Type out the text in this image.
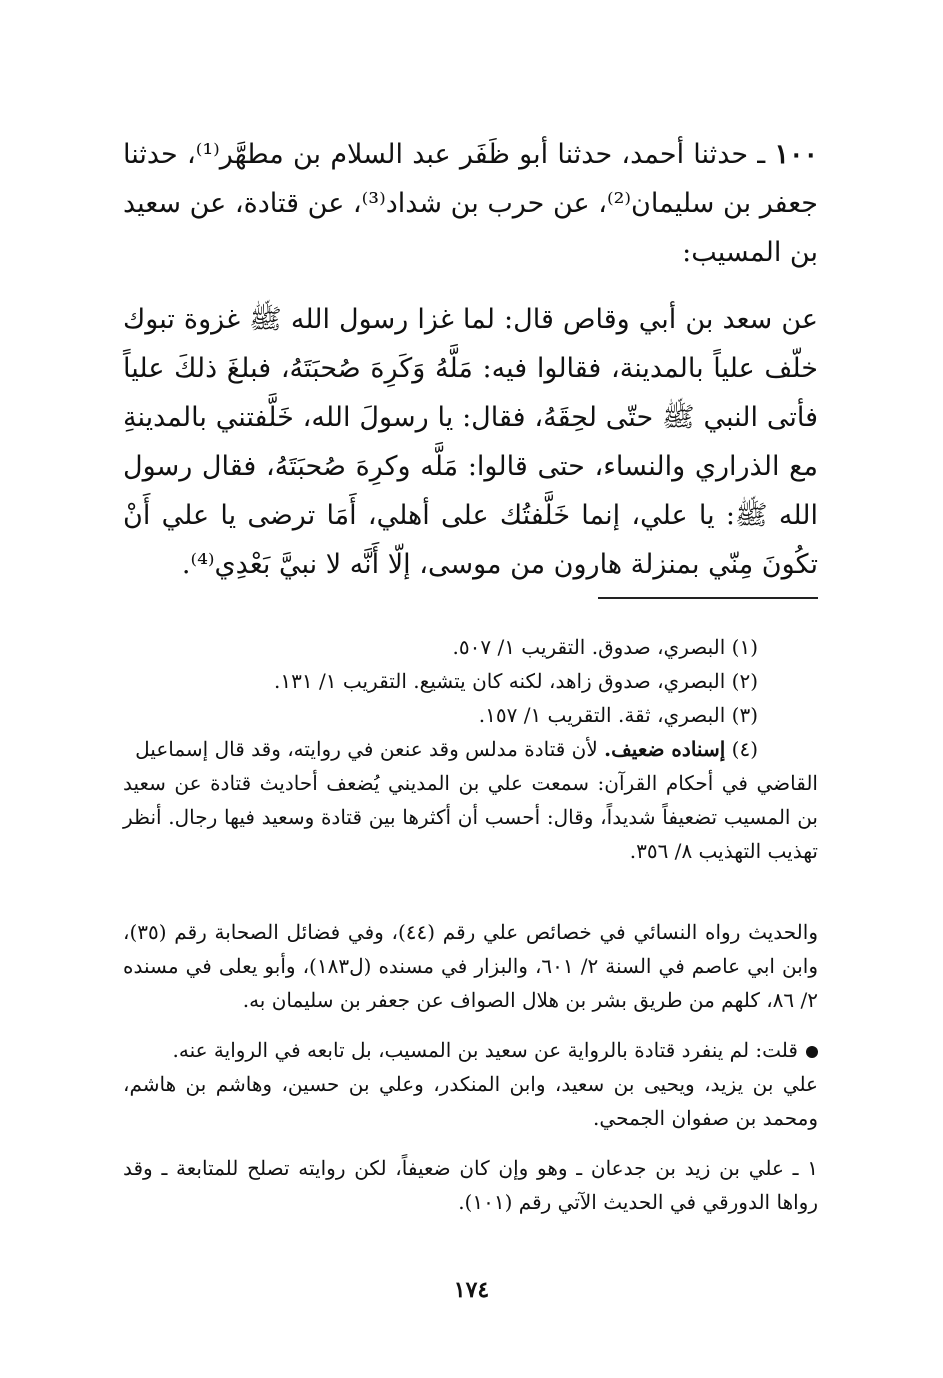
١٠٠ ـ حدثنا أحمد، حدثنا أبو ظَفَر عبد السلام بن مطهَّر⁽¹⁾، حدثنا جعفر بن سليمان⁽²⁾، عن حرب بن شداد⁽³⁾، عن قتادة، عن سعيد بن المسيب:

عن سعد بن أبي وقاص قال: لما غزا رسول الله ﷺ غزوة تبوك خلّف علياً بالمدينة، فقالوا فيه: مَلَّهُ وَكَرِهَ صُحبَتَهُ، فبلغَ ذلكَ علياً فأتى النبي ﷺ حتّى لحِقَهُ، فقال: يا رسولَ الله، خَلَّفتني بالمدينةِ مع الذراري والنساء، حتى قالوا: مَلَّه وكرِهَ صُحبَتَهُ، فقال رسول الله ﷺ: يا علي، إنما خَلَّفتُك على أهلي، أَمَا ترضى يا علي أَنْ تكُونَ مِنّي بمنزلة هارون من موسى، إلّا أَنَّه لا نبيَّ بَعْدِي⁽⁴⁾.

(١) البصري، صدوق. التقريب ١/ ٥٠٧.

(٢) البصري، صدوق زاهد، لكنه كان يتشيع. التقريب ١/ ١٣١.

(٣) البصري، ثقة. التقريب ١/ ١٥٧.

(٤) إسناده ضعيف. لأن قتادة مدلس وقد عنعن في روايته، وقد قال إسماعيل

القاضي في أحكام القرآن: سمعت علي بن المديني يُضعف أحاديث قتادة عن سعيد بن المسيب تضعيفاً شديداً، وقال: أحسب أن أكثرها بين قتادة وسعيد فيها رجال. أنظر تهذيب التهذيب ٨/ ٣٥٦.

والحديث رواه النسائي في خصائص علي رقم (٤٤)، وفي فضائل الصحابة رقم (٣٥)، وابن ابي عاصم في السنة ٢/ ٦٠١، والبزار في مسنده (ل١٨٣)، وأبو يعلى في مسنده ٢/ ٨٦، كلهم من طريق بشر بن هلال الصواف عن جعفر بن سليمان به.

قلت: لم ينفرد قتادة بالرواية عن سعيد بن المسيب، بل تابعه في الرواية عنه.

علي بن يزيد، ويحيى بن سعيد، وابن المنكدر، وعلي بن حسين، وهاشم بن هاشم، ومحمد بن صفوان الجمحي.

١ ـ علي بن زيد بن جدعان ـ وهو وإن كان ضعيفاً، لكن روايته تصلح للمتابعة ـ وقد رواها الدورقي في الحديث الآتي رقم (١٠١).

١٧٤
